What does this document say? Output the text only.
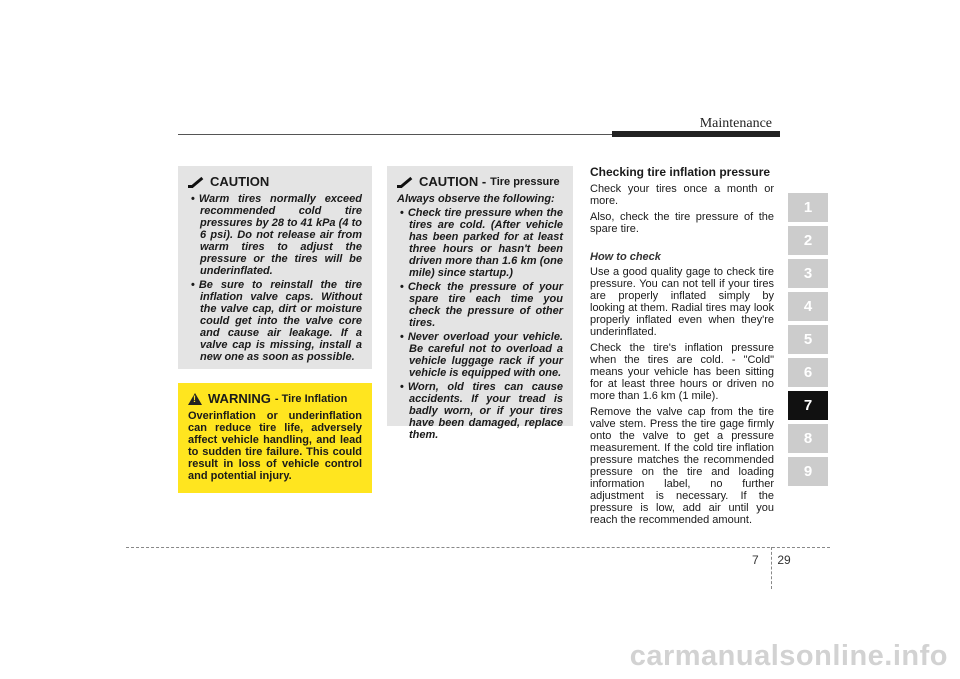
Maintenance
CAUTION
• Warm tires normally exceed recommended cold tire pressures by 28 to 41 kPa (4 to 6 psi). Do not release air from warm tires to adjust the pressure or the tires will be underinflated.
• Be sure to reinstall the tire inflation valve caps. Without the valve cap, dirt or moisture could get into the valve core and cause air leakage. If a valve cap is missing, install a new one as soon as possible.
!
WARNING - Tire Inflation

Overinflation or underinflation can reduce tire life, adversely affect vehicle handling, and lead to sudden tire failure. This could result in loss of vehicle control and potential injury.

CAUTION - Tire pressure

Always observe the following:

• Check tire pressure when the tires are cold. (After vehicle has been parked for at least three hours or hasn't been driven more than 1.6 km (one mile) since startup.)
• Check the pressure of your spare tire each time you check the pressure of other tires.
• Never overload your vehicle. Be careful not to overload a vehicle luggage rack if your vehicle is equipped with one.
• Worn, old tires can cause accidents. If your tread is badly worn, or if your tires have been damaged, replace them.
Checking tire inflation pressure

Check your tires once a month or more.

Also, check the tire pressure of the spare tire.

How to check

Use a good quality gage to check tire pressure. You can not tell if your tires are properly inflated simply by looking at them. Radial tires may look properly inflated even when they're underinflated.

Check the tire's inflation pressure when the tires are cold. - "Cold" means your vehicle has been sitting for at least three hours or driven no more than 1.6 km (1 mile).

Remove the valve cap from the tire valve stem. Press the tire gage firmly onto the valve to get a pressure measurement. If the cold tire inflation pressure matches the recommended pressure on the tire and loading information label, no further adjustment is necessary. If the pressure is low, add air until you reach the recommended amount.

1
2
3
4
5
6
7
8
9
7 29
carmanualsonline.info
